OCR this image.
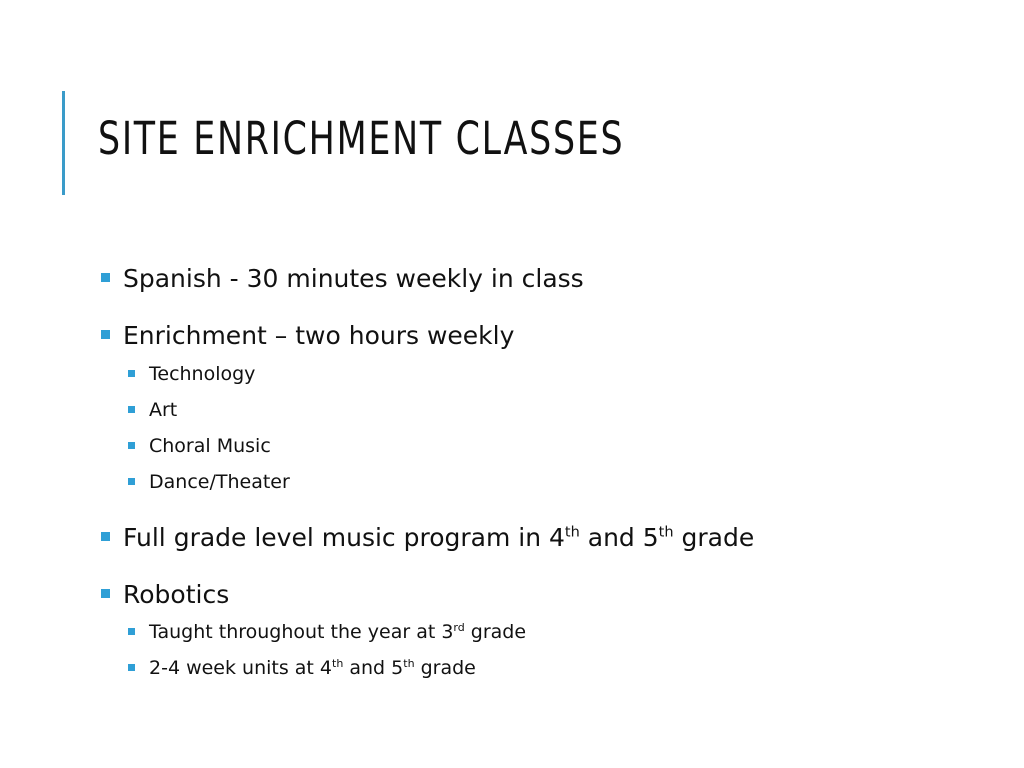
SITE ENRICHMENT CLASSES
Spanish - 30 minutes weekly in class
Enrichment – two hours weekly
Technology
Art
Choral Music
Dance/Theater
Full grade level music program in 4th and 5th grade
Robotics
Taught throughout the year at 3rd grade
2-4 week units at 4th and 5th grade
